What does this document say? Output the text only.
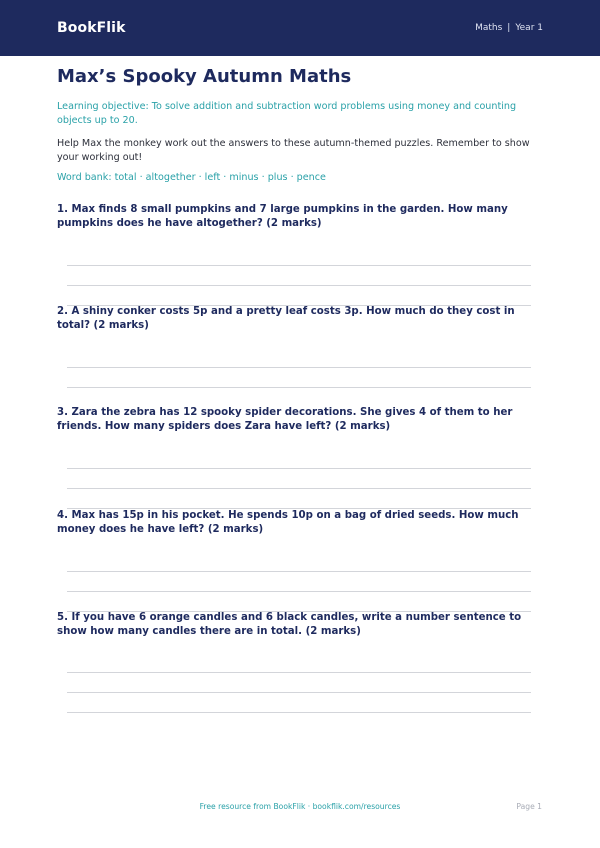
BookFlik	Maths | Year 1
Max’s Spooky Autumn Maths
Learning objective: To solve addition and subtraction word problems using money and counting objects up to 20.
Help Max the monkey work out the answers to these autumn-themed puzzles. Remember to show your working out!
Word bank: total · altogether · left · minus · plus · pence
1. Max finds 8 small pumpkins and 7 large pumpkins in the garden. How many pumpkins does he have altogether? (2 marks)
2. A shiny conker costs 5p and a pretty leaf costs 3p. How much do they cost in total? (2 marks)
3. Zara the zebra has 12 spooky spider decorations. She gives 4 of them to her friends. How many spiders does Zara have left? (2 marks)
4. Max has 15p in his pocket. He spends 10p on a bag of dried seeds. How much money does he have left? (2 marks)
5. If you have 6 orange candles and 6 black candles, write a number sentence to show how many candles there are in total. (2 marks)
Free resource from BookFlik · bookflik.com/resources	Page 1
